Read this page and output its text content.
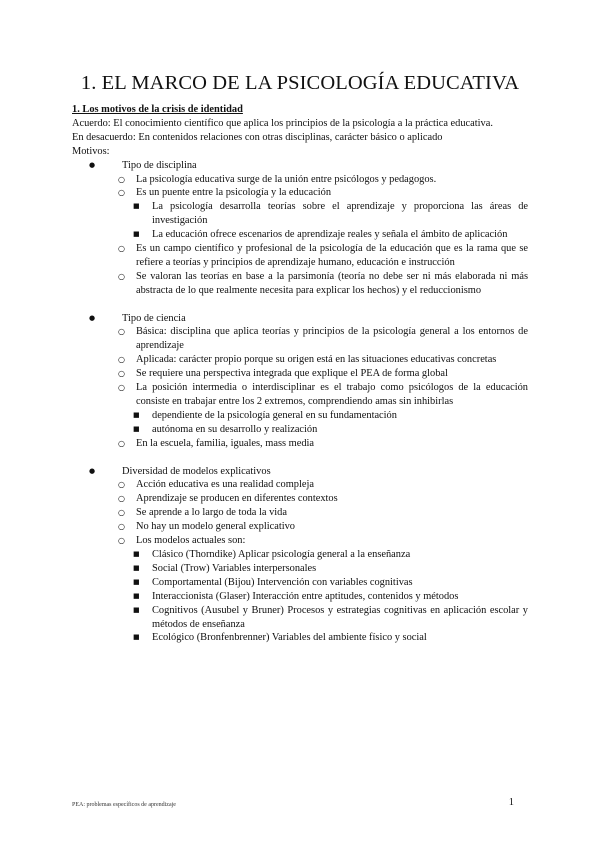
1. EL MARCO DE LA PSICOLOGÍA EDUCATIVA

1. Los motivos de la crisis de identidad

Acuerdo: El conocimiento científico que aplica los principios de la psicología a la práctica educativa.

En desacuerdo: En contenidos relaciones con otras disciplinas, carácter básico o aplicado

Motivos:

● Tipo de disciplina
○ La psicología educativa surge de la unión entre psicólogos y pedagogos.
○ Es un puente entre la psicología y la educación
■ La psicología desarrolla teorías sobre el aprendizaje y proporciona las áreas de investigación
■ La educación ofrece escenarios de aprendizaje reales y señala el ámbito de aplicación
○ Es un campo científico y profesional de la psicología de la educación que es la rama que se refiere a teorías y principios de aprendizaje humano, educación e instrucción
○ Se valoran las teorías en base a la parsimonía (teoría no debe ser ni más elaborada ni más abstracta de lo que realmente necesita para explicar los hechos) y el reduccionismo
● Tipo de ciencia
○ Básica: disciplina que aplica teorías y principios de la psicología general a los entornos de aprendizaje
○ Aplicada: carácter propio porque su origen está en las situaciones educativas concretas
○ Se requiere una perspectiva integrada que explique el PEA de forma global
○ La posición intermedia o interdisciplinar es el trabajo como psicólogos de la educación consiste en trabajar entre los 2 extremos, comprendiendo amas sin inhibirlas
■ dependiente de la psicología general en su fundamentación
■ autónoma en su desarrollo y realización
○ En la escuela, familia, iguales, mass media
● Diversidad de modelos explicativos
○ Acción educativa es una realidad compleja
○ Aprendizaje se producen en diferentes contextos
○ Se aprende a lo largo de toda la vida
○ No hay un modelo general explicativo
○ Los modelos actuales son:
■ Clásico (Thorndike) Aplicar psicología general a la enseñanza
■ Social (Trow) Variables interpersonales
■ Comportamental (Bijou) Intervención con variables cognitivas
■ Interaccionista (Glaser) Interacción entre aptitudes, contenidos y métodos
■ Cognitivos (Ausubel y Bruner) Procesos y estrategias cognitivas en aplicación escolar y métodos de enseñanza
■ Ecológico (Bronfenbrenner) Variables del ambiente físico y social
PEA: problemas específicos de aprendizaje	1
